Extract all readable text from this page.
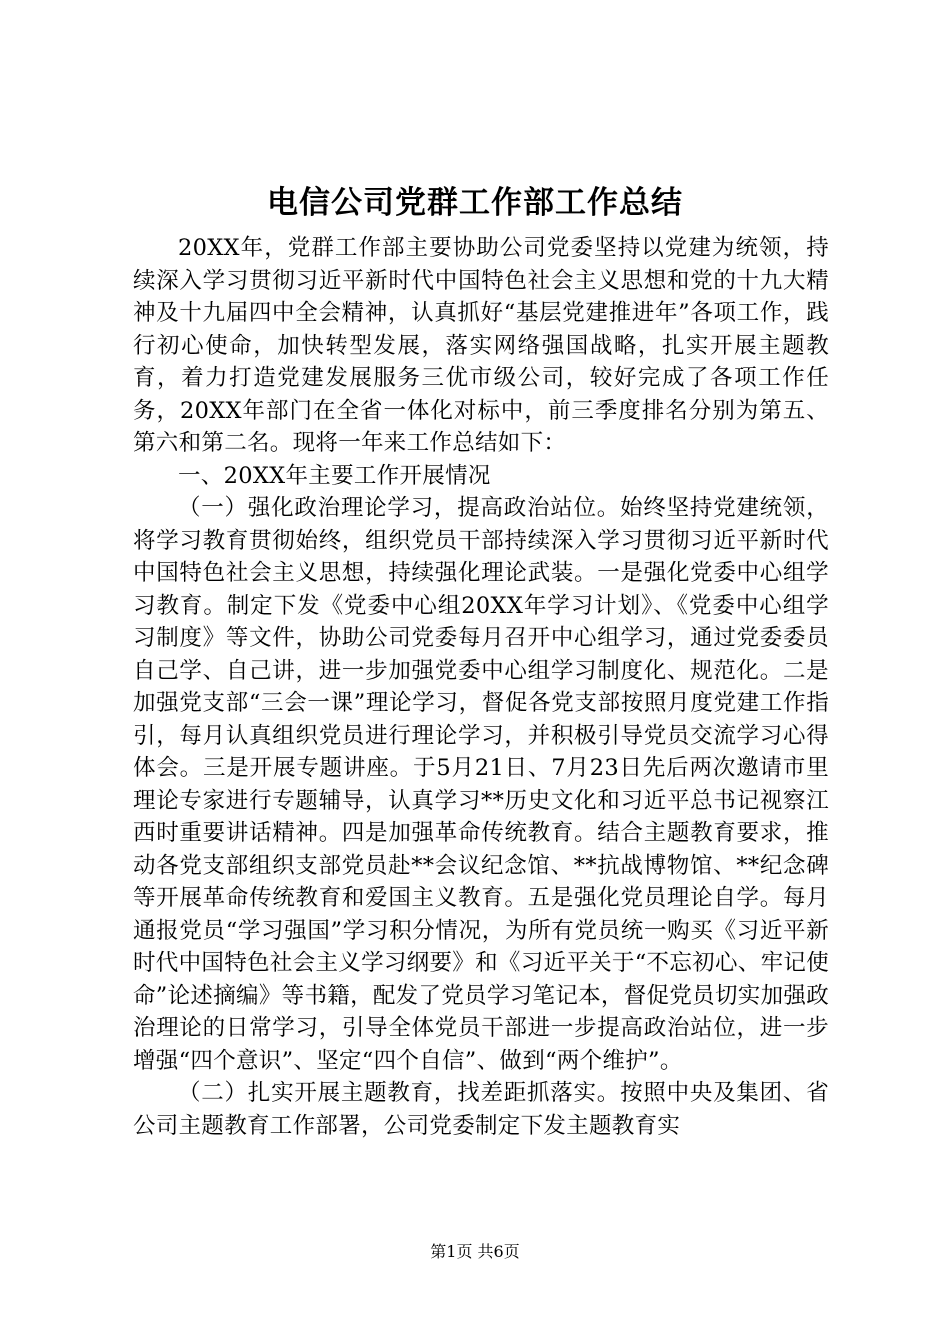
电信公司党群工作部工作总结

20XX年，党群工作部主要协助公司党委坚持以党建为统领，持续深入学习贯彻习近平新时代中国特色社会主义思想和党的十九大精神及十九届四中全会精神，认真抓好“基层党建推进年”各项工作，践行初心使命，加快转型发展，落实网络强国战略，扎实开展主题教育，着力打造党建发展服务三优市级公司，较好完成了各项工作任务，20XX年部门在全省一体化对标中，前三季度排名分别为第五、第六和第二名。现将一年来工作总结如下：

一、20XX年主要工作开展情况

（一）强化政治理论学习，提高政治站位。始终坚持党建统领，将学习教育贯彻始终，组织党员干部持续深入学习贯彻习近平新时代中国特色社会主义思想，持续强化理论武装。一是强化党委中心组学习教育。制定下发《党委中心组20XX年学习计划》、《党委中心组学习制度》等文件，协助公司党委每月召开中心组学习，通过党委委员自己学、自己讲，进一步加强党委中心组学习制度化、规范化。二是加强党支部“三会一课”理论学习，督促各党支部按照月度党建工作指引，每月认真组织党员进行理论学习，并积极引导党员交流学习心得体会。三是开展专题讲座。于5月21日、7月23日先后两次邀请市里理论专家进行专题辅导，认真学习**历史文化和习近平总书记视察江西时重要讲话精神。四是加强革命传统教育。结合主题教育要求，推动各党支部组织支部党员赴**会议纪念馆、**抗战博物馆、**纪念碑等开展革命传统教育和爱国主义教育。五是强化党员理论自学。每月通报党员“学习强国”学习积分情况，为所有党员统一购买《习近平新时代中国特色社会主义学习纲要》和《习近平关于“不忘初心、牢记使命”论述摘编》等书籍，配发了党员学习笔记本，督促党员切实加强政治理论的日常学习，引导全体党员干部进一步提高政治站位，进一步增强“四个意识”、坚定“四个自信”、做到“两个维护”。

（二）扎实开展主题教育，找差距抓落实。按照中央及集团、省公司主题教育工作部署，公司党委制定下发主题教育实

第1页 共6页
